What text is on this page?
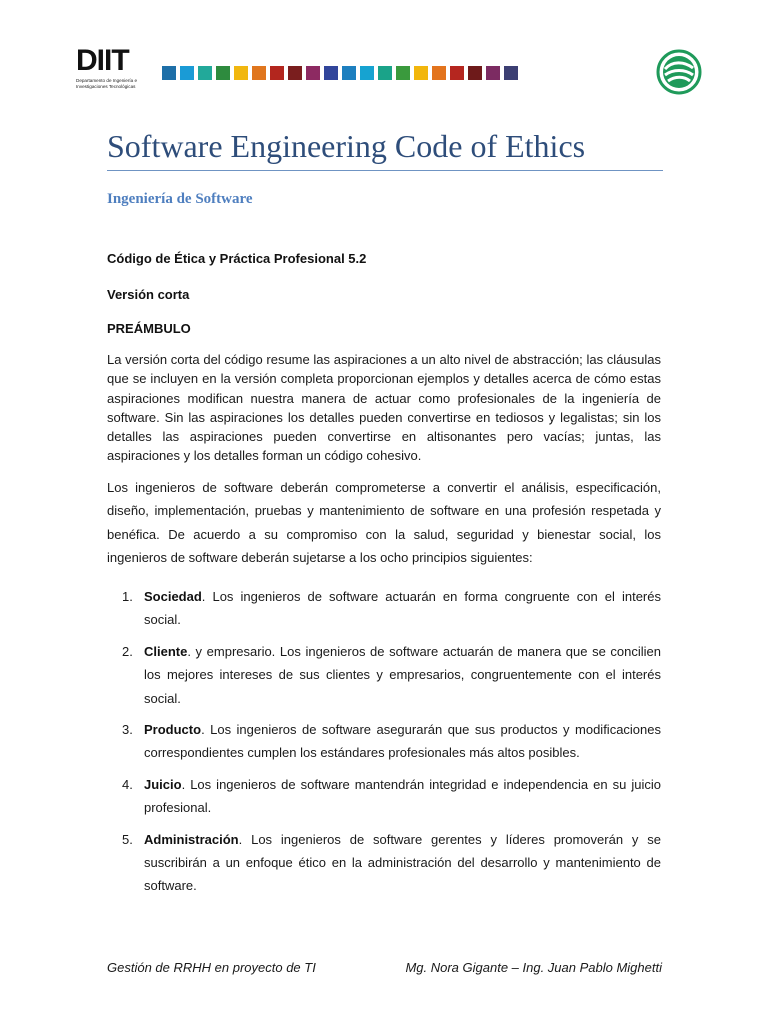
DIIT
Departamento de Ingeniería e Investigaciones Tecnológicas
Software Engineering Code of Ethics
Ingeniería de Software
Código de Ética y Práctica Profesional 5.2
Versión corta
PREÁMBULO

La versión corta del código resume las aspiraciones a un alto nivel de abstracción; las cláusulas que se incluyen en la versión completa proporcionan ejemplos y detalles acerca de cómo estas aspiraciones modifican nuestra manera de actuar como profesionales de la ingeniería de software. Sin las aspiraciones los detalles pueden convertirse en tediosos y legalistas; sin los detalles las aspiraciones pueden convertirse en altisonantes pero vacías; juntas, las aspiraciones y los detalles forman un código cohesivo.

Los ingenieros de software deberán comprometerse a convertir el análisis, especificación, diseño, implementación, pruebas y mantenimiento de software en una profesión respetada y benéfica. De acuerdo a su compromiso con la salud, seguridad y bienestar social, los ingenieros de software deberán sujetarse a los ocho principios siguientes:

1. Sociedad. Los ingenieros de software actuarán en forma congruente con el interés social.
2. Cliente. y empresario. Los ingenieros de software actuarán de manera que se concilien los mejores intereses de sus clientes y empresarios, congruentemente con el interés social.
3. Producto. Los ingenieros de software asegurarán que sus productos y modificaciones correspondientes cumplen los estándares profesionales más altos posibles.
4. Juicio. Los ingenieros de software mantendrán integridad e independencia en su juicio profesional.
5. Administración. Los ingenieros de software gerentes y líderes promoverán y se suscribirán a un enfoque ético en la administración del desarrollo y mantenimiento de software.
Gestión de RRHH en proyecto de TI	Mg. Nora Gigante – Ing. Juan Pablo Mighetti
